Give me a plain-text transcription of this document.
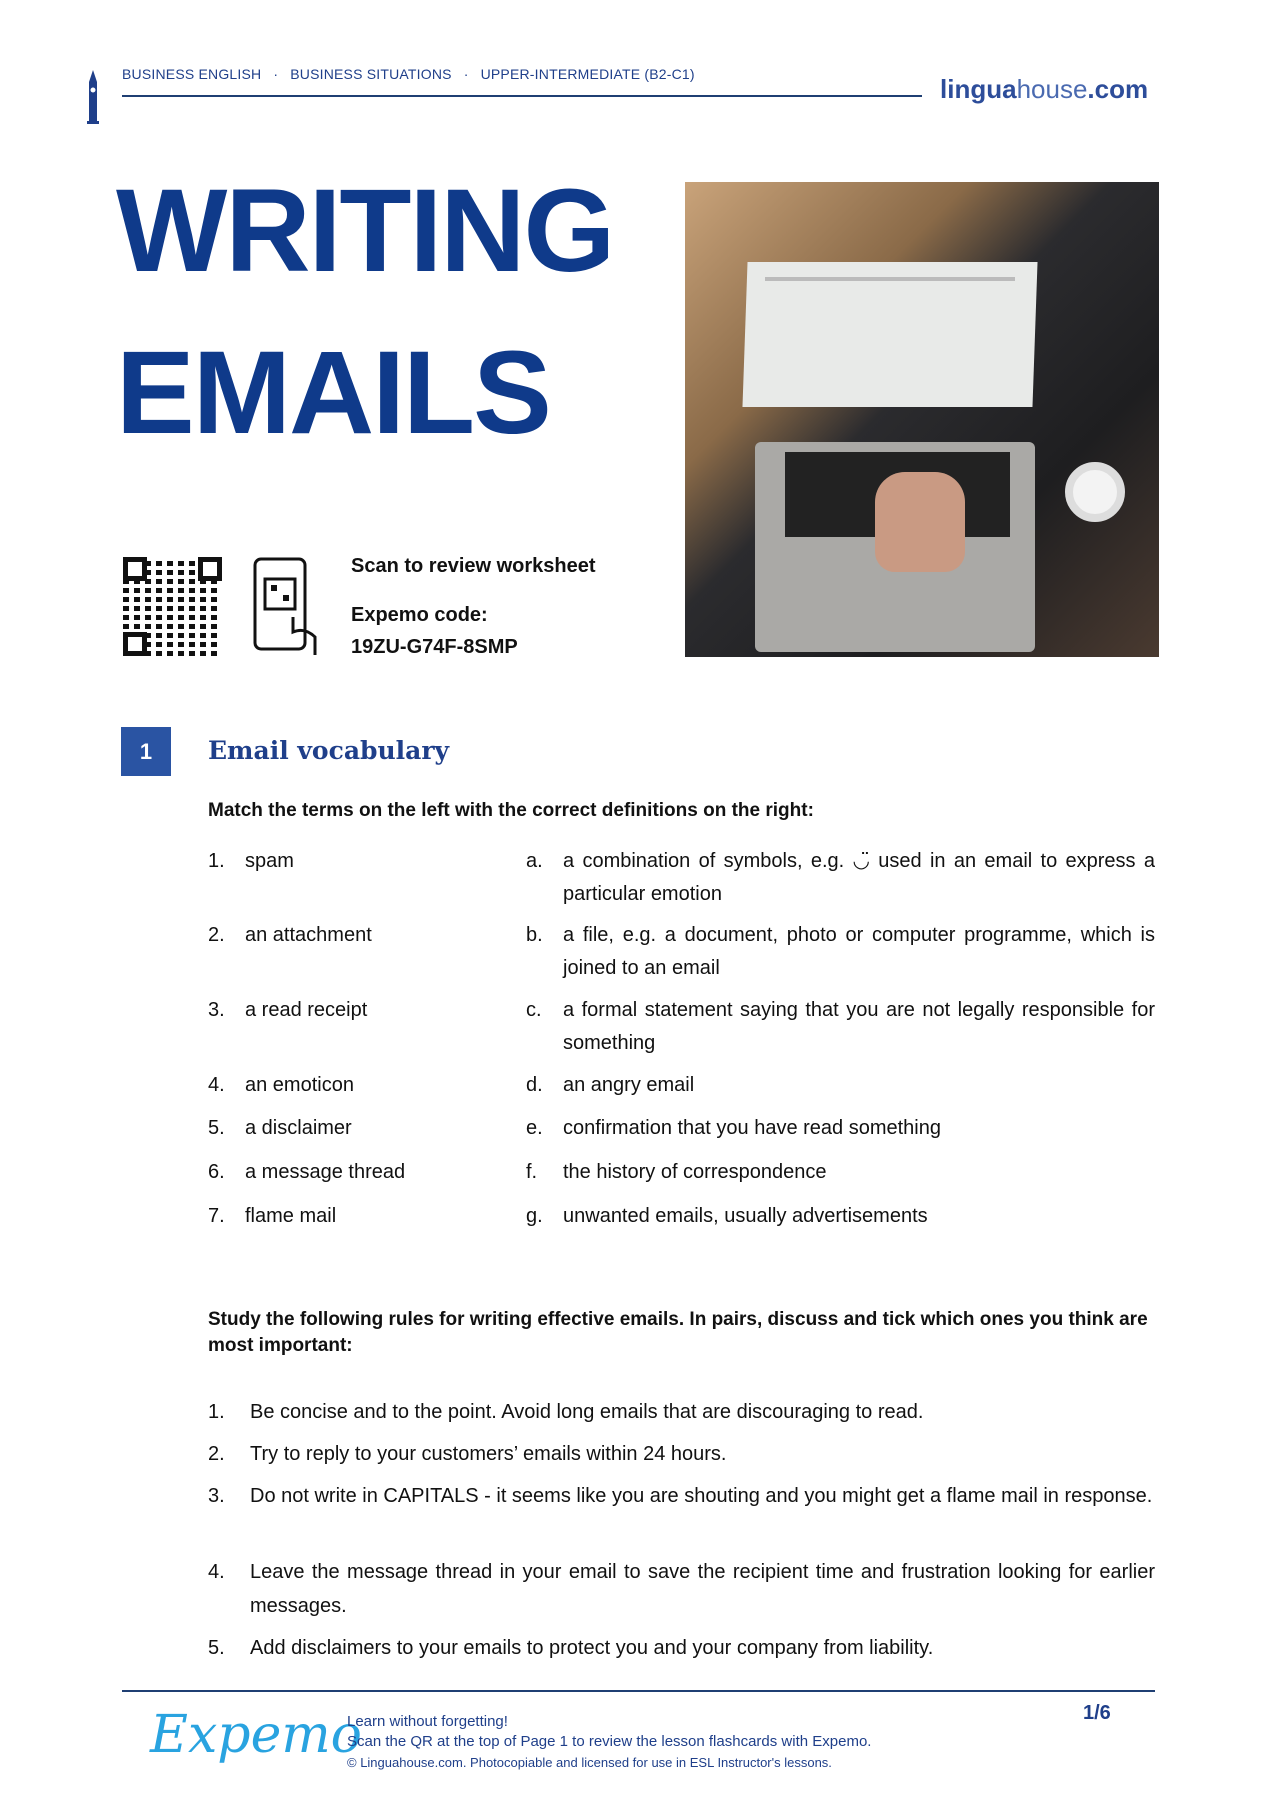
BUSINESS ENGLISH · BUSINESS SITUATIONS · UPPER-INTERMEDIATE (B2-C1)	linguahouse.com
WRITING
EMAILS
Scan to review worksheet
Expemo code:
19ZU-G74F-8SMP
1	Email vocabulary
Match the terms on the left with the correct definitions on the right:
1. spam	a. a combination of symbols, e.g. ◡̈ used in an email to express a particular emotion
2. an attachment	b. a file, e.g. a document, photo or computer programme, which is joined to an email
3. a read receipt	c. a formal statement saying that you are not legally responsible for something
4. an emoticon	d. an angry email
5. a disclaimer	e. confirmation that you have read something
6. a message thread	f. the history of correspondence
7. flame mail	g. unwanted emails, usually advertisements
Study the following rules for writing effective emails. In pairs, discuss and tick which ones you think are most important:
1. Be concise and to the point. Avoid long emails that are discouraging to read.
2. Try to reply to your customers’ emails within 24 hours.
3. Do not write in CAPITALS - it seems like you are shouting and you might get a flame mail in response.
4. Leave the message thread in your email to save the recipient time and frustration looking for earlier messages.
5. Add disclaimers to your emails to protect you and your company from liability.
Expemo
Learn without forgetting!
Scan the QR at the top of Page 1 to review the lesson flashcards with Expemo.
© Linguahouse.com. Photocopiable and licensed for use in ESL Instructor's lessons.
1/6
